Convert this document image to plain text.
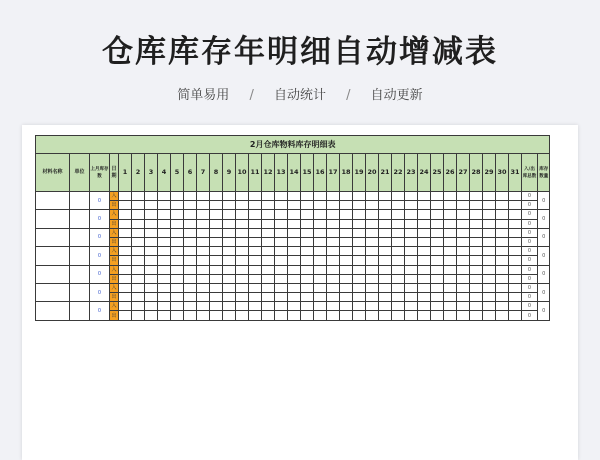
仓库库存年明细自动增减表
简单易用 / 自动统计 / 自动更新
2月仓库物料库存明细表																																				
材料名称	单位	上月库存数	日期	1	2	3	4	5	6	7	8	9	10	11	12	13	14	15	16	17	18	19	20	21	22	23	24	25	26	27	28	29	30	31	入/出库总数	库存数量
		0	入																																0	0
			出																																0	
		0	入																																0	0
			出																																0	
		0	入																																0	0
			出																																0	
		0	入																																0	0
			出																																0	
		0	入																																0	0
			出																																0	
		0	入																																0	0
			出																																0	
		0	入																																0	0
			出																																0	
